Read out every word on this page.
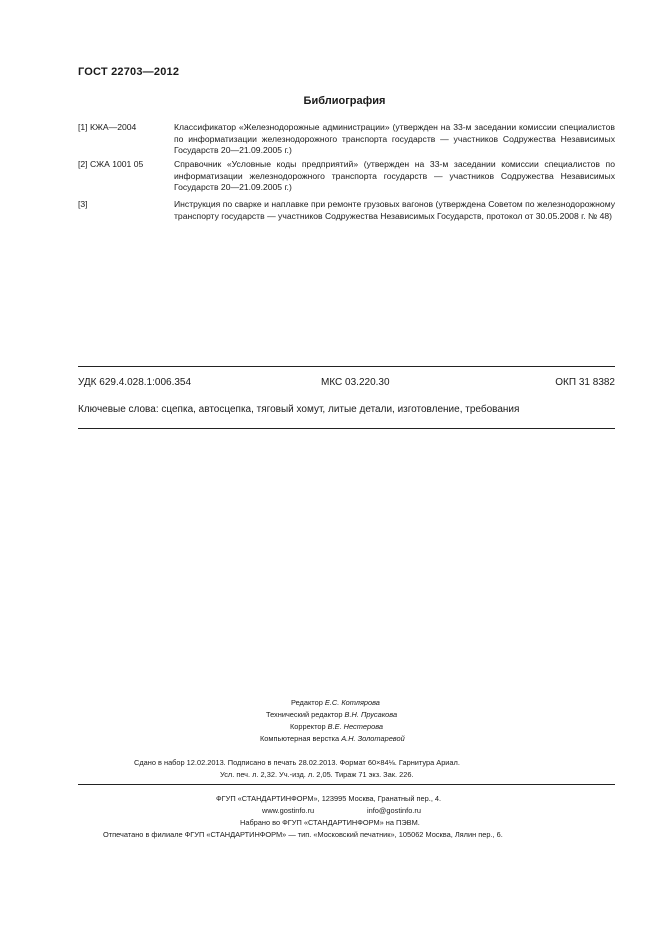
ГОСТ 22703—2012
Библиография
[1] КЖА—2004	Классификатор «Железнодорожные администрации» (утвержден на 33-м заседании комиссии специалистов по информатизации железнодорожного транспорта государств — участников Содружества Независимых Государств 20—21.09.2005 г.)
[2] СЖА 1001 05	Справочник «Условные коды предприятий» (утвержден на 33-м заседании комиссии специалистов по информатизации железнодорожного транспорта государств — участников Содружества Независимых Государств 20—21.09.2005 г.)
[3]	Инструкция по сварке и наплавке при ремонте грузовых вагонов (утверждена Советом по железнодорожному транспорту государств — участников Содружества Независимых Государств, протокол от 30.05.2008 г. № 48)
УДК 629.4.028.1:006.354	МКС 03.220.30	ОКП 31 8382
Ключевые слова: сцепка, автосцепка, тяговый хомут, литые детали, изготовление, требования
Редактор Е.С. Котлярова
Технический редактор В.Н. Прусакова
Корректор В.Е. Нестерова
Компьютерная верстка А.Н. Золотаревой
Сдано в набор 12.02.2013. Подписано в печать 28.02.2013. Формат 60×84⅛. Гарнитура Ариал.
Усл. печ. л. 2,32. Уч.-изд. л. 2,05. Тираж 71 экз. Зак. 226.
ФГУП «СТАНДАРТИНФОРМ», 123995 Москва, Гранатный пер., 4.
www.gostinfo.ru	info@gostinfo.ru
Набрано во ФГУП «СТАНДАРТИНФОРМ» на ПЭВМ.
Отпечатано в филиале ФГУП «СТАНДАРТИНФОРМ» — тип. «Московский печатник», 105062 Москва, Лялин пер., 6.
